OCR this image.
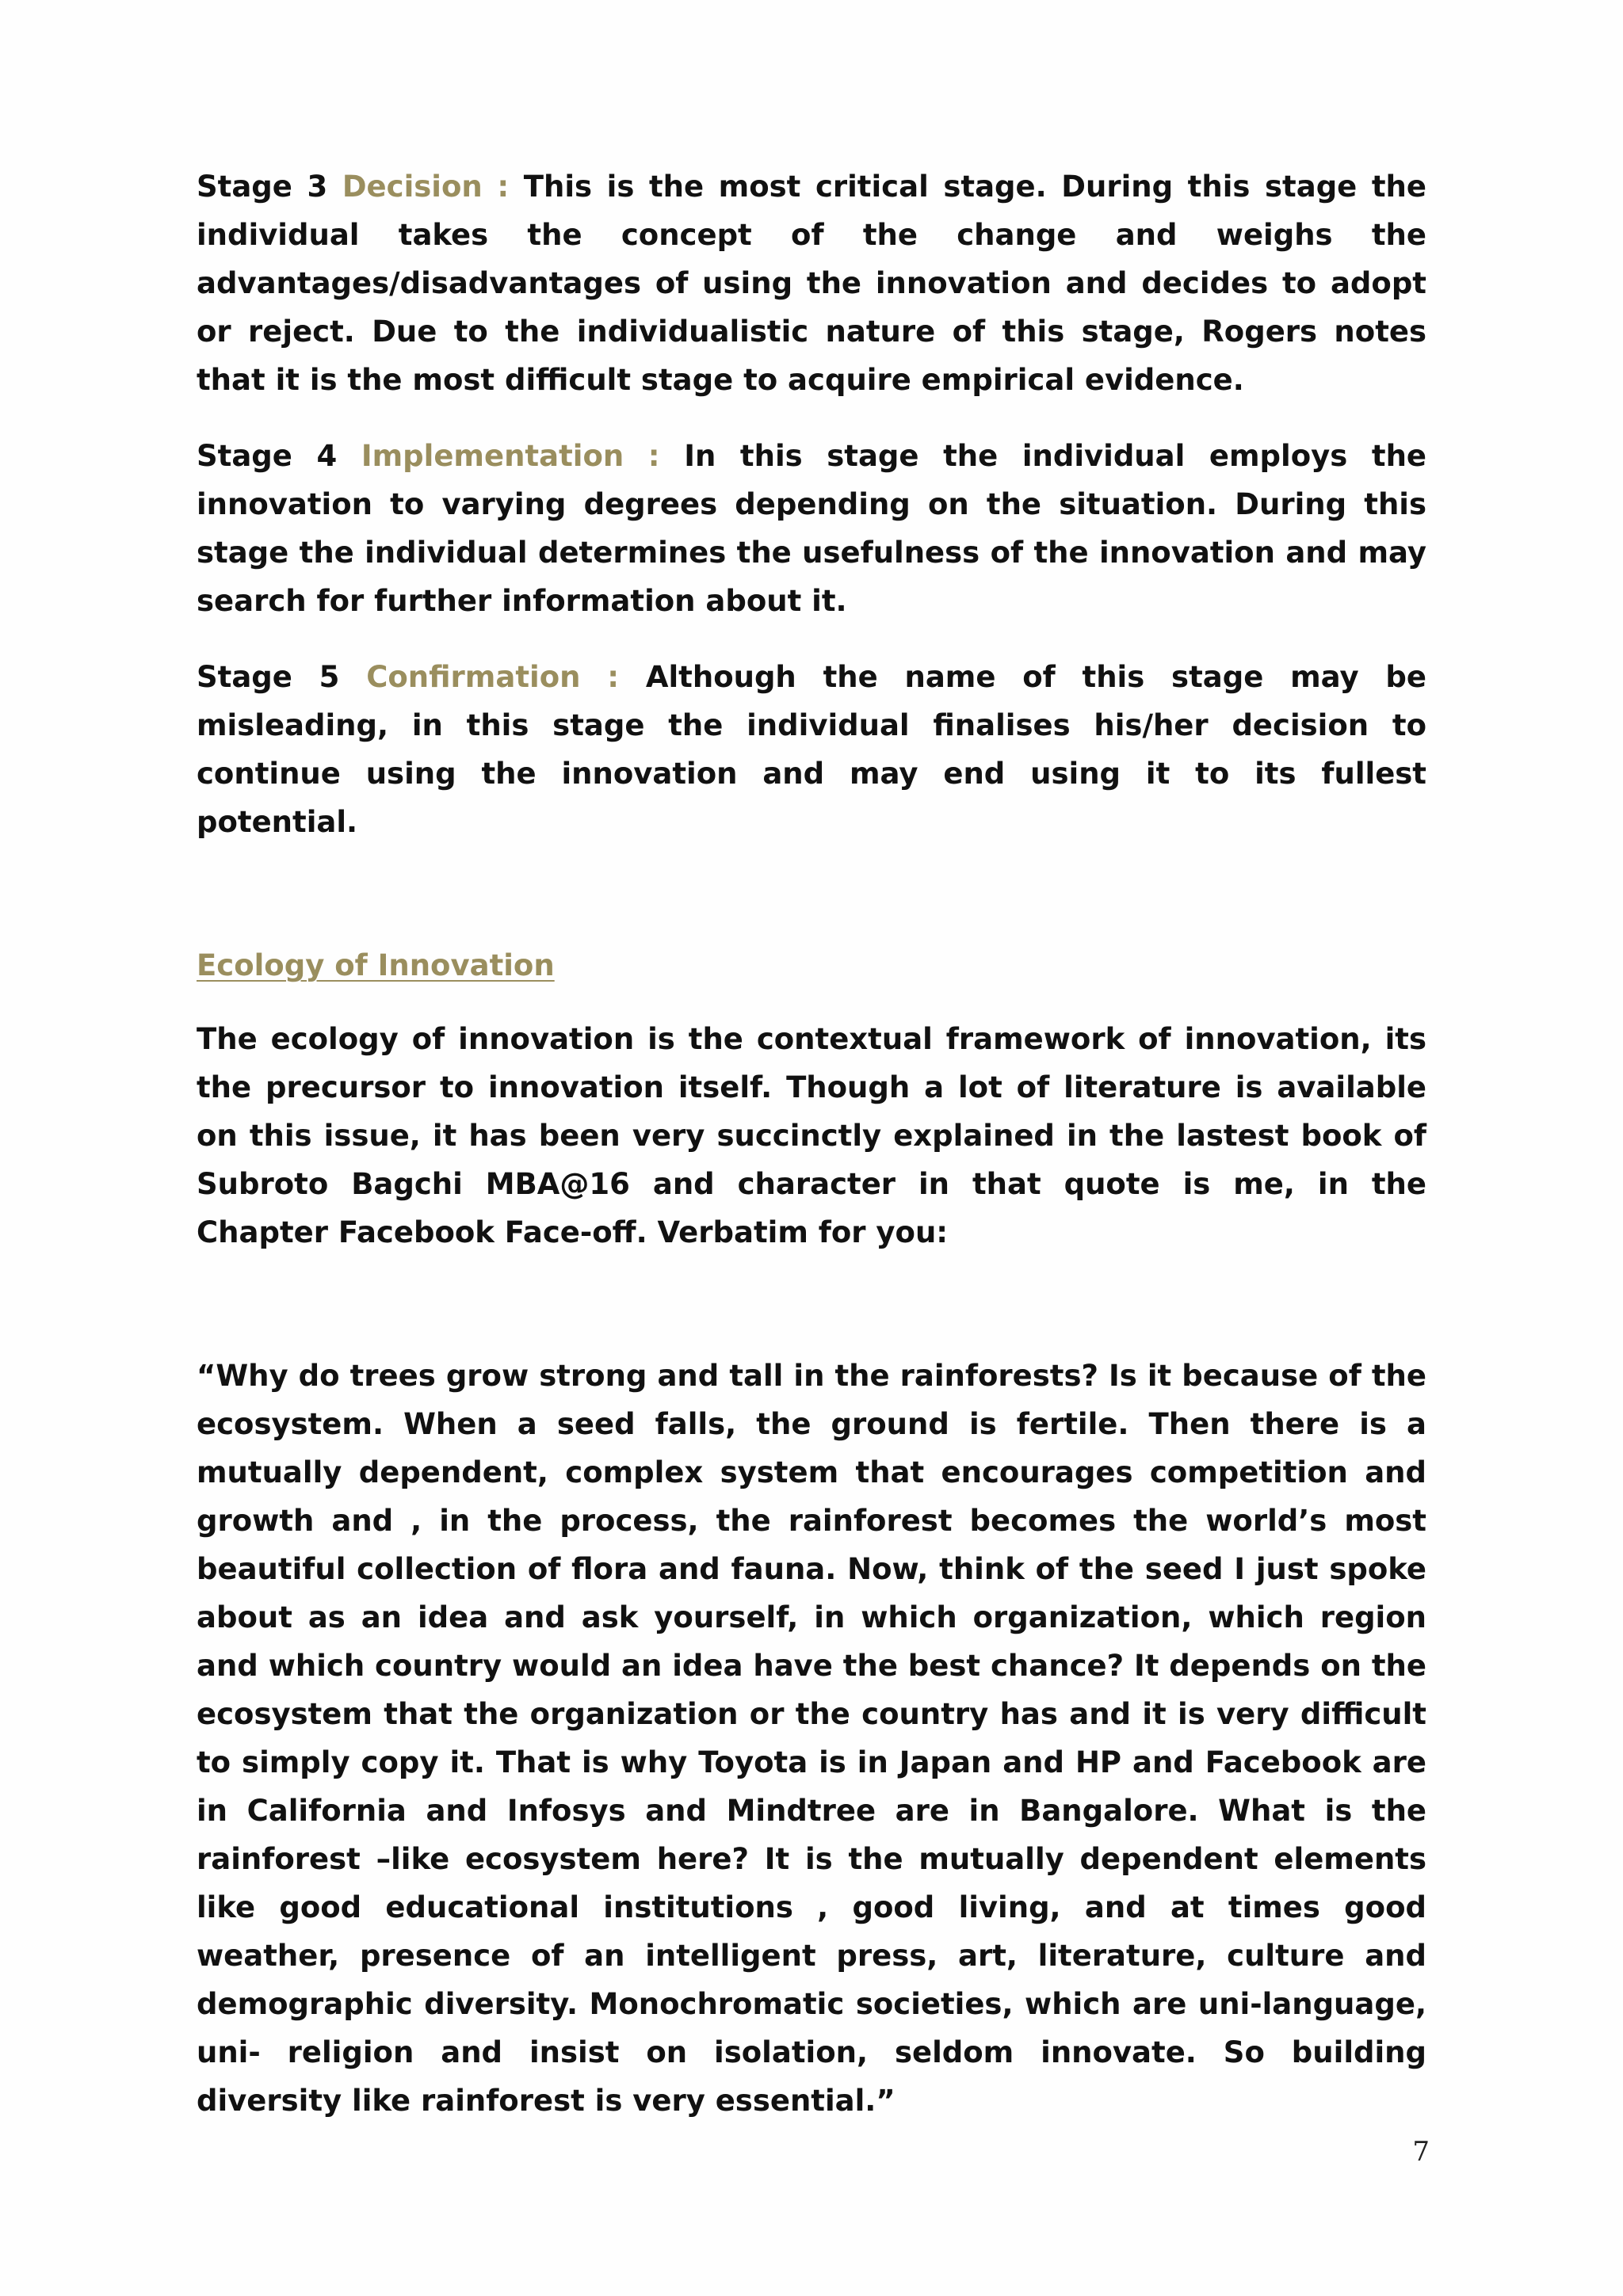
Stage 3 Decision : This is the most critical stage. During this stage the individual takes the concept of the change and weighs the advantages/disadvantages of using the innovation and decides to adopt or reject. Due to the individualistic nature of this stage, Rogers notes that it is the most difficult stage to acquire empirical evidence.

Stage 4 Implementation : In this stage the individual employs the innovation to varying degrees depending on the situation. During this stage the individual determines the usefulness of the innovation and may search for further information about it.

Stage 5 Confirmation : Although the name of this stage may be misleading, in this stage the individual finalises his/her decision to continue using the innovation and may end using it to its fullest potential.

Ecology of Innovation

The ecology of innovation is the contextual framework of innovation, its the precursor to innovation itself. Though a lot of literature is available on this issue, it has been very succinctly explained in the lastest book of Subroto Bagchi MBA@16 and character in that quote is me, in the Chapter Facebook Face-off. Verbatim for you:

“Why do trees grow strong and tall in the rainforests? Is it because of the ecosystem. When a seed falls, the ground is fertile. Then there is a mutually dependent, complex system that encourages competition and growth and , in the process, the rainforest becomes the world’s most beautiful collection of flora and fauna. Now, think of the seed I just spoke about as an idea and ask yourself, in which organization, which region and which country would an idea have the best chance? It depends on the ecosystem that the organization or the country has and it is very difficult to simply copy it. That is why Toyota is in Japan and HP and Facebook are in California and Infosys and Mindtree are in Bangalore. What is the rainforest –like ecosystem here? It is the mutually dependent elements like good educational institutions , good living, and at times good weather, presence of an intelligent press, art, literature, culture and demographic diversity. Monochromatic societies, which are uni-language, uni- religion and insist on isolation, seldom innovate. So building diversity like rainforest is very essential.”

7
